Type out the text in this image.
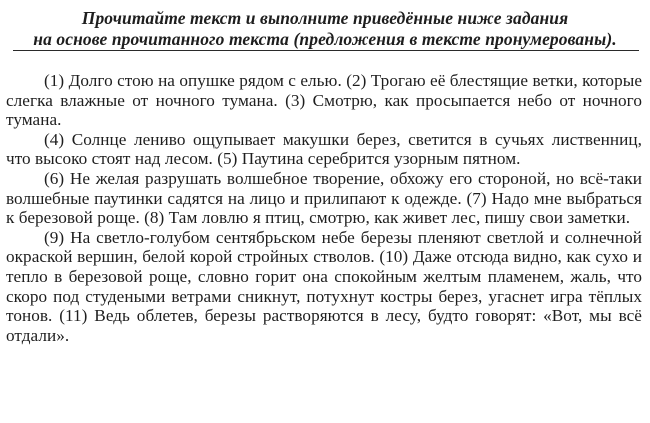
Прочитайте текст и выполните приведённые ниже задания
на основе прочитанного текста (предложения в тексте пронумерованы).

(1) Долго стою на опушке рядом с елью. (2) Трогаю её блестящие ветки, которые слегка влажные от ночного тумана. (3) Смотрю, как просыпается небо от ночного тумана.

(4) Солнце лениво ощупывает макушки берез, светится в сучьях лиственниц, что высоко стоят над лесом. (5) Паутина серебрится узорным пятном.

(6) Не желая разрушать волшебное творение, обхожу его стороной, но всё-таки волшебные паутинки садятся на лицо и прилипают к одежде. (7) Надо мне выбраться к березовой роще. (8) Там ловлю я птиц, смотрю, как живет лес, пишу свои заметки.

(9) На светло-голубом сентябрьском небе березы пленяют светлой и солнечной окраской вершин, белой корой стройных стволов. (10) Даже отсюда видно, как сухо и тепло в березовой роще, словно горит она спокойным желтым пламенем, жаль, что скоро под студеными ветрами сникнут, потухнут костры берез, угаснет игра тёплых тонов. (11) Ведь облетев, березы растворяются в лесу, будто говорят: «Вот, мы всё отдали».
